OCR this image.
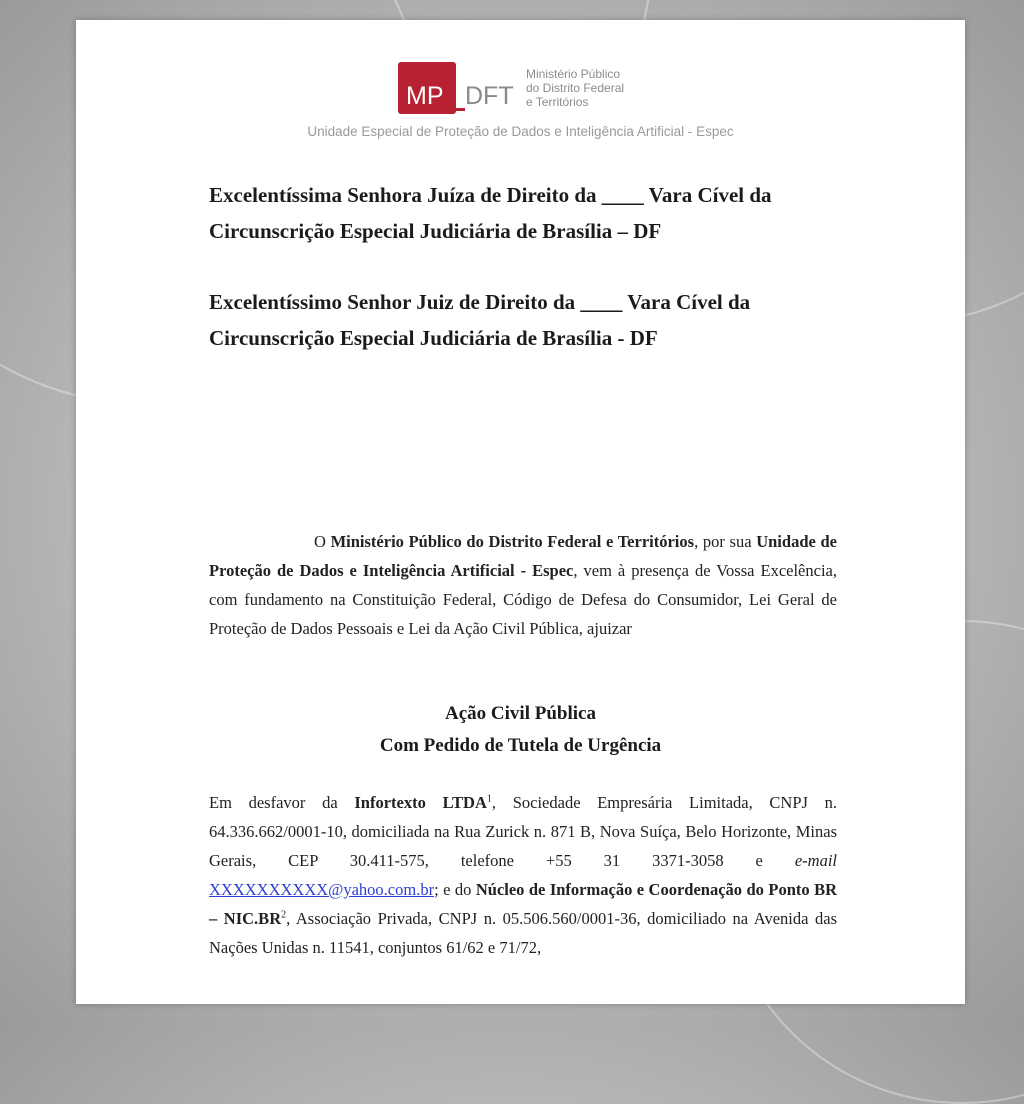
MP DFT
Ministério Público
do Distrito Federal
e Territórios
Unidade Especial de Proteção de Dados e Inteligência Artificial - Espec
Excelentíssima Senhora Juíza de Direito da ____ Vara Cível da Circunscrição Especial Judiciária de Brasília – DF
Excelentíssimo Senhor Juiz de Direito da ____ Vara Cível da Circunscrição Especial Judiciária de Brasília - DF
O Ministério Público do Distrito Federal e Territórios, por sua Unidade de Proteção de Dados e Inteligência Artificial - Espec, vem à presença de Vossa Excelência, com fundamento na Constituição Federal, Código de Defesa do Consumidor, Lei Geral de Proteção de Dados Pessoais e Lei da Ação Civil Pública, ajuizar
Ação Civil Pública
Com Pedido de Tutela de Urgência
Em desfavor da Infortexto LTDA$^1$, Sociedade Empresária Limitada, CNPJ n. 64.336.662/0001-10, domiciliada na Rua Zurick n. 871 B, Nova Suíça, Belo Horizonte, Minas Gerais, CEP 30.411-575, telefone +55 31 3371-3058 e e-mail XXXXXXXXXX@yahoo.com.br; e do Núcleo de Informação e Coordenação do Ponto BR – $NIC.BR^2$, Associação Privada, CNPJ n. 05.506.560/0001-36, domiciliado na Avenida das Nações Unidas n. 11541, conjuntos 61/62 e 71/72,
